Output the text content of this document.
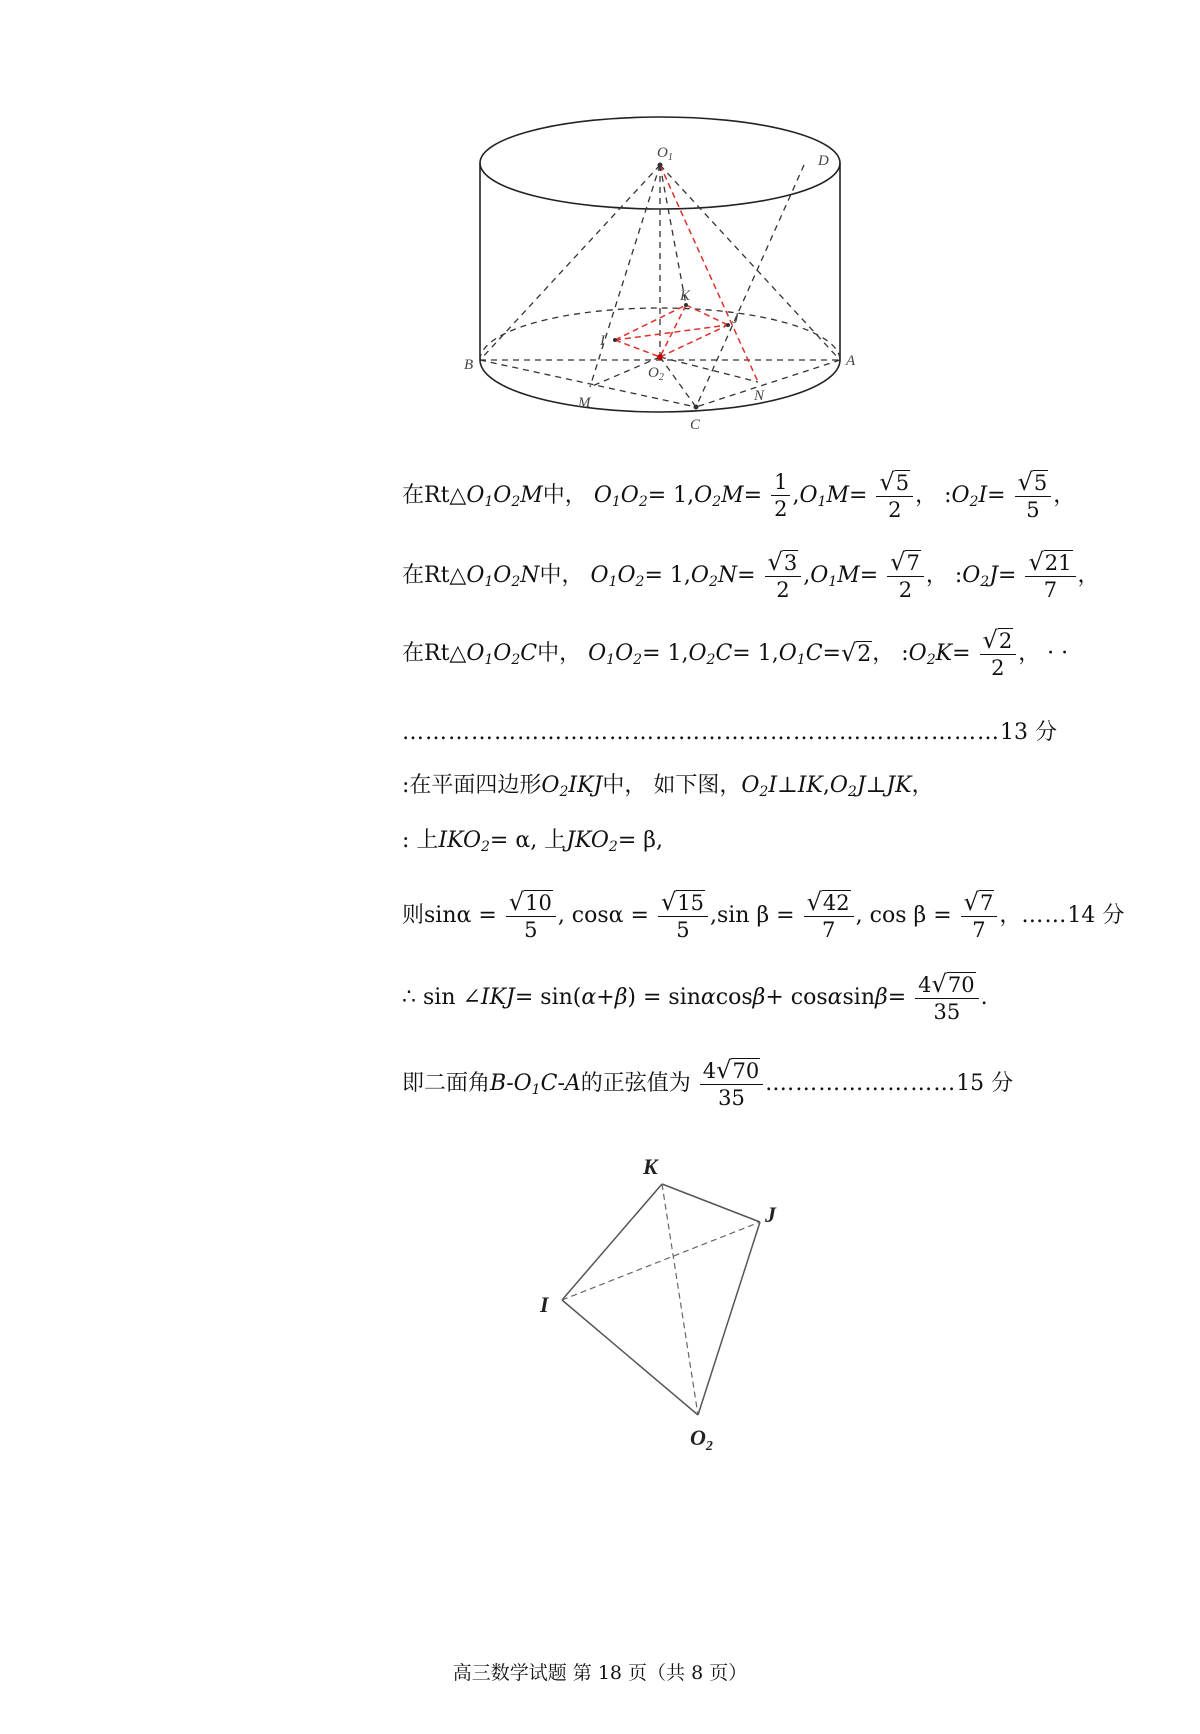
$O_1$	D
K
J
I
B	A
$O_2$
M	N
C
在$Rt\triangle O_1O_2M$中， $O_1O_2= 1,O_2M= \frac{1}{2} ,O_1M= \frac{√5}{2}$ ， $:O_2I= \frac{√5}{5}$ ，
在$Rt\triangle O_1O_2N$中， $O_1O_2= 1,O_2N= \frac{√3}{2} ,O_1M= \frac{√7}{2}$ ， $:O_2J= \frac{√21}{7}$ ，
在$Rt\triangle O_1O_2C$中， $O_1O_2= 1,O_2C= 1,O_1C=√2$， $:O_2K= \frac{√2}{2}$ ， · ·
……………………………………………………………………13 分
:在平面四边形$O_2IKJ$中， 如下图，$O_2I\perp IK,O_2J\perp JK$，
: 上$IKO_2= \alpha$, 上$JKO_2= \beta$,
则$\sin\alpha = \frac{√10}{5}$ , $\cos\alpha = \frac{√15}{5} ,\sin$ $\beta = \frac{√42}{7}$ , $\cos \beta = \frac{√7}{7}$ ，……14 分
∴ sin ∠IKJ= $\sin(\alpha+\beta) = \sin\alpha\cos\beta+ \cos\alpha\sin\beta= \frac{4√70}{35}$ .
即二面角$B-O_1C-A$的正弦值为 $\frac{4√70}{35}$ .……………………15 分
K
J
I
$O_2$
高三数学试题 第 18 页（共 8 页）
